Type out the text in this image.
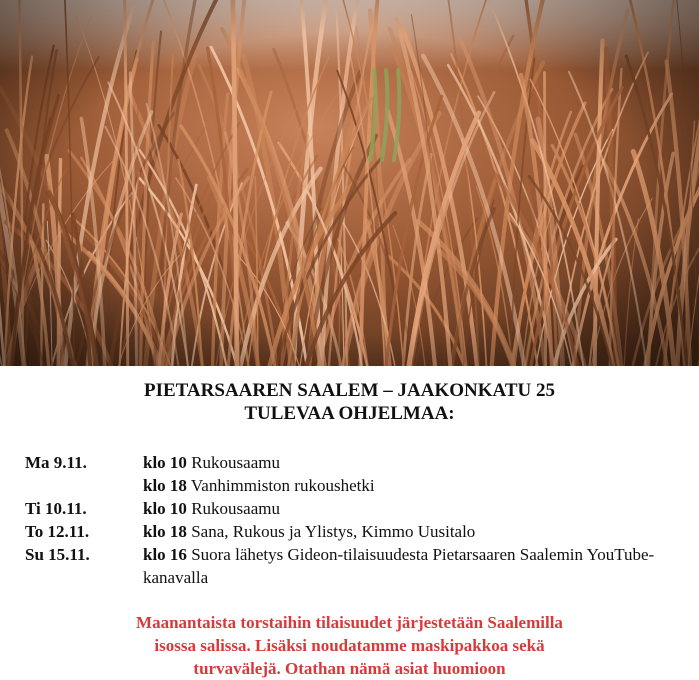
PIETARSAAREN SAALEM – JAAKONKATU 25
TULEVAA OHJELMAA:
Ma 9.11.	klo 10 Rukousaamu
klo 18 Vanhimmiston rukoushetki
Ti 10.11.	klo 10 Rukousaamu
To 12.11.	klo 18 Sana, Rukous ja Ylistys, Kimmo Uusitalo
Su 15.11.	klo 16 Suora lähetys Gideon-tilaisuudesta Pietarsaaren Saalemin YouTube-kanavalla
Maanantaista torstaihin tilaisuudet järjestetään Saalemilla
isossa salissa. Lisäksi noudatamme maskipakkoa sekä
turvavälejä. Otathan nämä asiat huomioon
